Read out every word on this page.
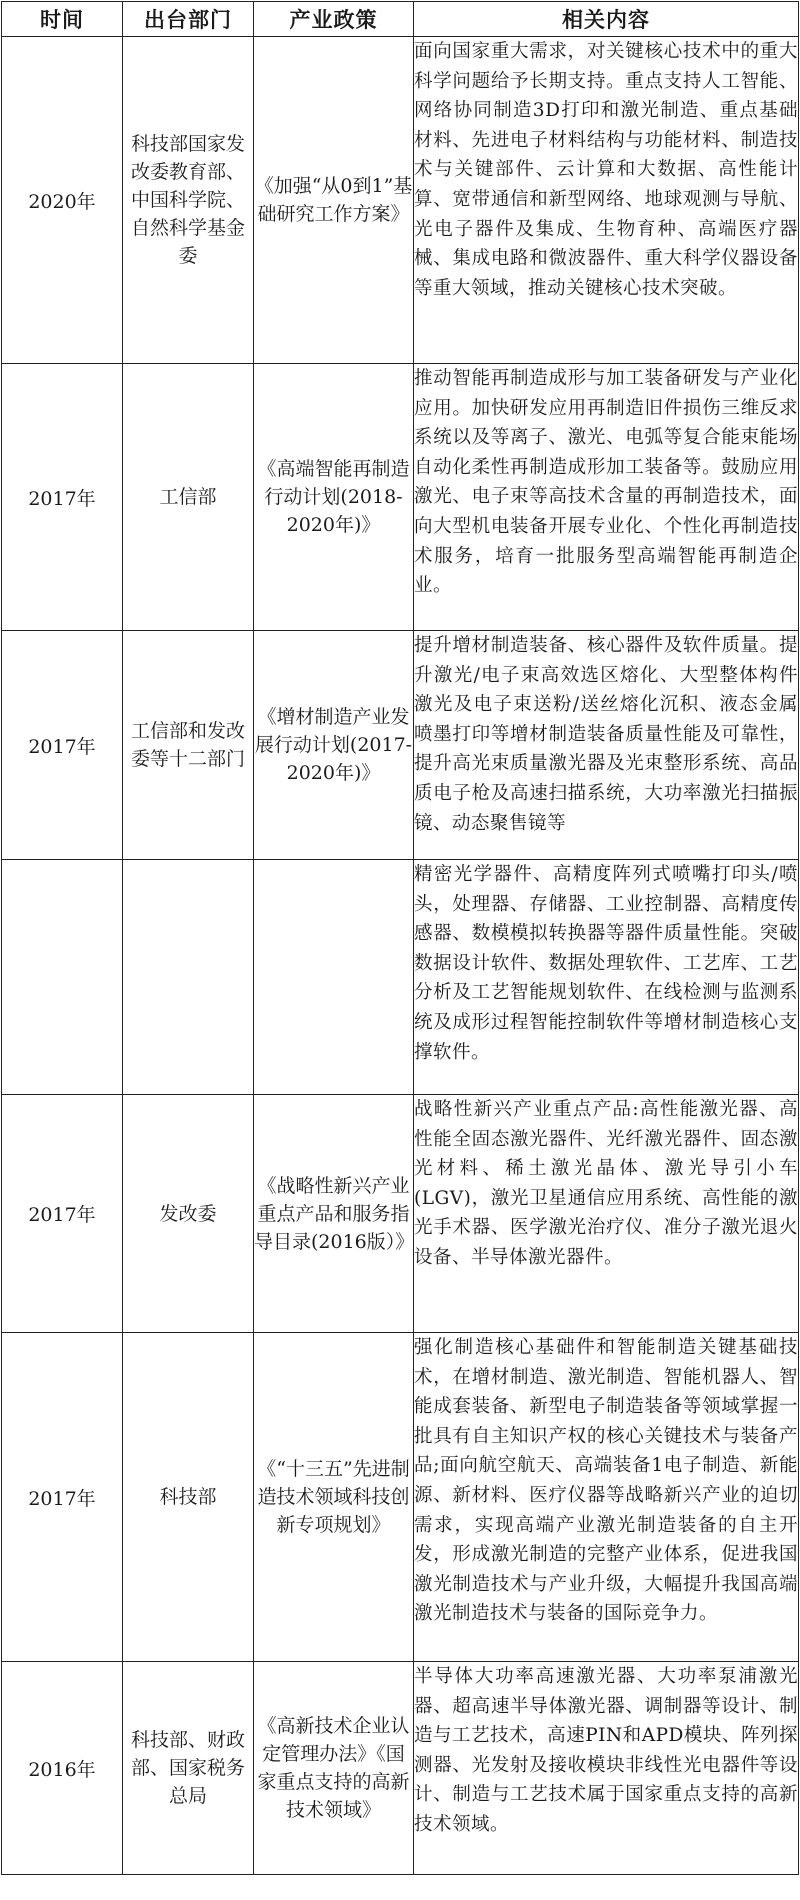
时间	出台部门	产业政策	相关内容
2020年	科技部国家发改委教育部、中国科学院、自然科学基金委	《加强“从0到1”基础研究工作方案》	面向国家重大需求，对关键核心技术中的重大科学问题给予长期支持。重点支持人工智能、网络协同制造3D打印和激光制造、重点基础材料、先进电子材料结构与功能材料、制造技术与关键部件、云计算和大数据、高性能计算、宽带通信和新型网络、地球观测与导航、光电子器件及集成、生物育种、高端医疗器械、集成电路和微波器件、重大科学仪器设备等重大领域，推动关键核心技术突破。
2017年	工信部	《高端智能再制造行动计划(2018-2020年)》	推动智能再制造成形与加工装备研发与产业化应用。加快研发应用再制造旧件损伤三维反求系统以及等离子、激光、电弧等复合能束能场自动化柔性再制造成形加工装备等。鼓励应用激光、电子束等高技术含量的再制造技术，面向大型机电装备开展专业化、个性化再制造技术服务，培育一批服务型高端智能再制造企业。
2017年	工信部和发改委等十二部门	《增材制造产业发展行动计划(2017-2020年)》	提升增材制造装备、核心器件及软件质量。提升激光/电子束高效选区熔化、大型整体构件激光及电子束送粉/送丝熔化沉积、液态金属喷墨打印等增材制造装备质量性能及可靠性，提升高光束质量激光器及光束整形系统、高品质电子枪及高速扫描系统，大功率激光扫描振镜、动态聚售镜等
			精密光学器件、高精度阵列式喷嘴打印头/喷头，处理器、存储器、工业控制器、高精度传感器、数模模拟转换器等器件质量性能。突破数据设计软件、数据处理软件、工艺库、工艺分析及工艺智能规划软件、在线检测与监测系统及成形过程智能控制软件等增材制造核心支撑软件。
2017年	发改委	《战略性新兴产业重点产品和服务指导目录(2016版）》	战略性新兴产业重点产品:高性能激光器、高性能全固态激光器件、光纤激光器件、固态激光材料、稀土激光晶体、激光导引小车(LGV)，激光卫星通信应用系统、高性能的激光手术器、医学激光治疗仪、准分子激光退火设备、半导体激光器件。
2017年	科技部	《“十三五”先进制造技术领域科技创新专项规划》	强化制造核心基础件和智能制造关键基础技术，在增材制造、激光制造、智能机器人、智能成套装备、新型电子制造装备等领域掌握一批具有自主知识产权的核心关键技术与装备产品;面向航空航天、高端装备1电子制造、新能源、新材料、医疗仪器等战略新兴产业的迫切需求，实现高端产业激光制造装备的自主开发，形成激光制造的完整产业体系，促进我国激光制造技术与产业升级，大幅提升我国高端激光制造技术与装备的国际竞争力。
2016年	科技部、财政部、国家税务总局	《高新技术企业认定管理办法》《国家重点支持的高新技术领域》	半导体大功率高速激光器、大功率泵浦激光器、超高速半导体激光器、调制器等设计、制造与工艺技术，高速PIN和APD模块、阵列探测器、光发射及接收模块非线性光电器件等设计、制造与工艺技术属于国家重点支持的高新技术领域。
